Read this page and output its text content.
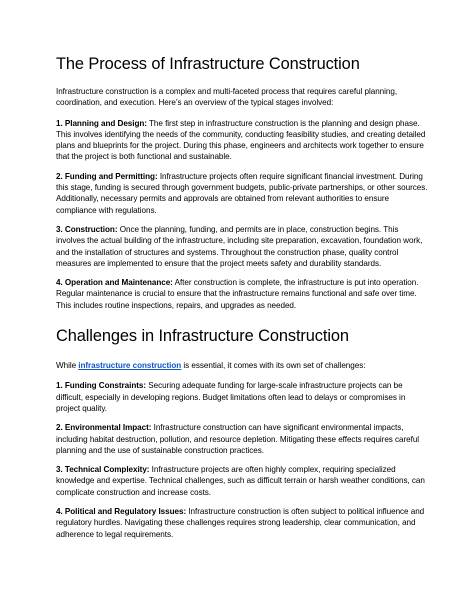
The Process of Infrastructure Construction

Infrastructure construction is a complex and multi-faceted process that requires careful planning, coordination, and execution. Here’s an overview of the typical stages involved:

1. Planning and Design: The first step in infrastructure construction is the planning and design phase. This involves identifying the needs of the community, conducting feasibility studies, and creating detailed plans and blueprints for the project. During this phase, engineers and architects work together to ensure that the project is both functional and sustainable.

2. Funding and Permitting: Infrastructure projects often require significant financial investment. During this stage, funding is secured through government budgets, public-private partnerships, or other sources. Additionally, necessary permits and approvals are obtained from relevant authorities to ensure compliance with regulations.

3. Construction: Once the planning, funding, and permits are in place, construction begins. This involves the actual building of the infrastructure, including site preparation, excavation, foundation work, and the installation of structures and systems. Throughout the construction phase, quality control measures are implemented to ensure that the project meets safety and durability standards.

4. Operation and Maintenance: After construction is complete, the infrastructure is put into operation. Regular maintenance is crucial to ensure that the infrastructure remains functional and safe over time. This includes routine inspections, repairs, and upgrades as needed.

Challenges in Infrastructure Construction

While infrastructure construction is essential, it comes with its own set of challenges:

1. Funding Constraints: Securing adequate funding for large-scale infrastructure projects can be difficult, especially in developing regions. Budget limitations often lead to delays or compromises in project quality.

2. Environmental Impact: Infrastructure construction can have significant environmental impacts, including habitat destruction, pollution, and resource depletion. Mitigating these effects requires careful planning and the use of sustainable construction practices.

3. Technical Complexity: Infrastructure projects are often highly complex, requiring specialized knowledge and expertise. Technical challenges, such as difficult terrain or harsh weather conditions, can complicate construction and increase costs.

4. Political and Regulatory Issues: Infrastructure construction is often subject to political influence and regulatory hurdles. Navigating these challenges requires strong leadership, clear communication, and adherence to legal requirements.
